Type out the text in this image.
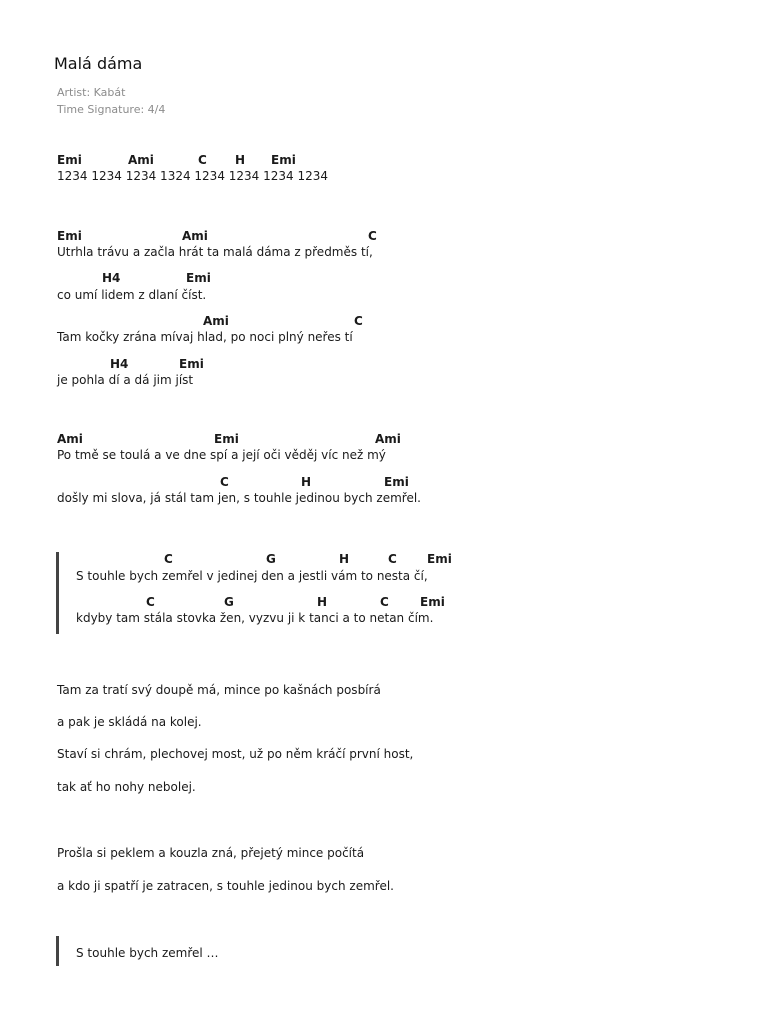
Malá dáma
Artist: Kabát
Time Signature: 4/4

Emi

	Ami

	C

H

Emi

1234 1234 1234 1324 1234 1234 1234 1234

Emi

	Ami

	C

Utrhla trávu a začla hrát ta malá dáma z předměs tí,

H4

	Emi

co umí lidem z dlaní číst.

Ami

	C

Tam kočky zrána mívaj hlad, po noci plný neřes tí

H4

	Emi

je pohla dí a dá jim jíst

Ami

	Emi

	Ami

Po tmě se toulá a ve dne spí a její oči věděj víc než mý

C

	H

	Emi

došly mi slova, já stál tam jen, s touhle jedinou bych zemřel.

C

	G

	H

	C

	Emi

S touhle bych zemřel v jedinej den a jestli vám to nesta čí,

C

	G

	H

	C

	Emi

kdyby tam stála stovka žen, vyzvu ji k tanci a to netan čím.
Tam za tratí svý doupě má, mince po kašnách posbírá
a pak je skládá na kolej.
Staví si chrám, plechovej most, už po něm kráčí první host,
tak ať ho nohy nebolej.
Prošla si peklem a kouzla zná, přejetý mince počítá
a kdo ji spatří je zatracen, s touhle jedinou bych zemřel.
S touhle bych zemřel …
